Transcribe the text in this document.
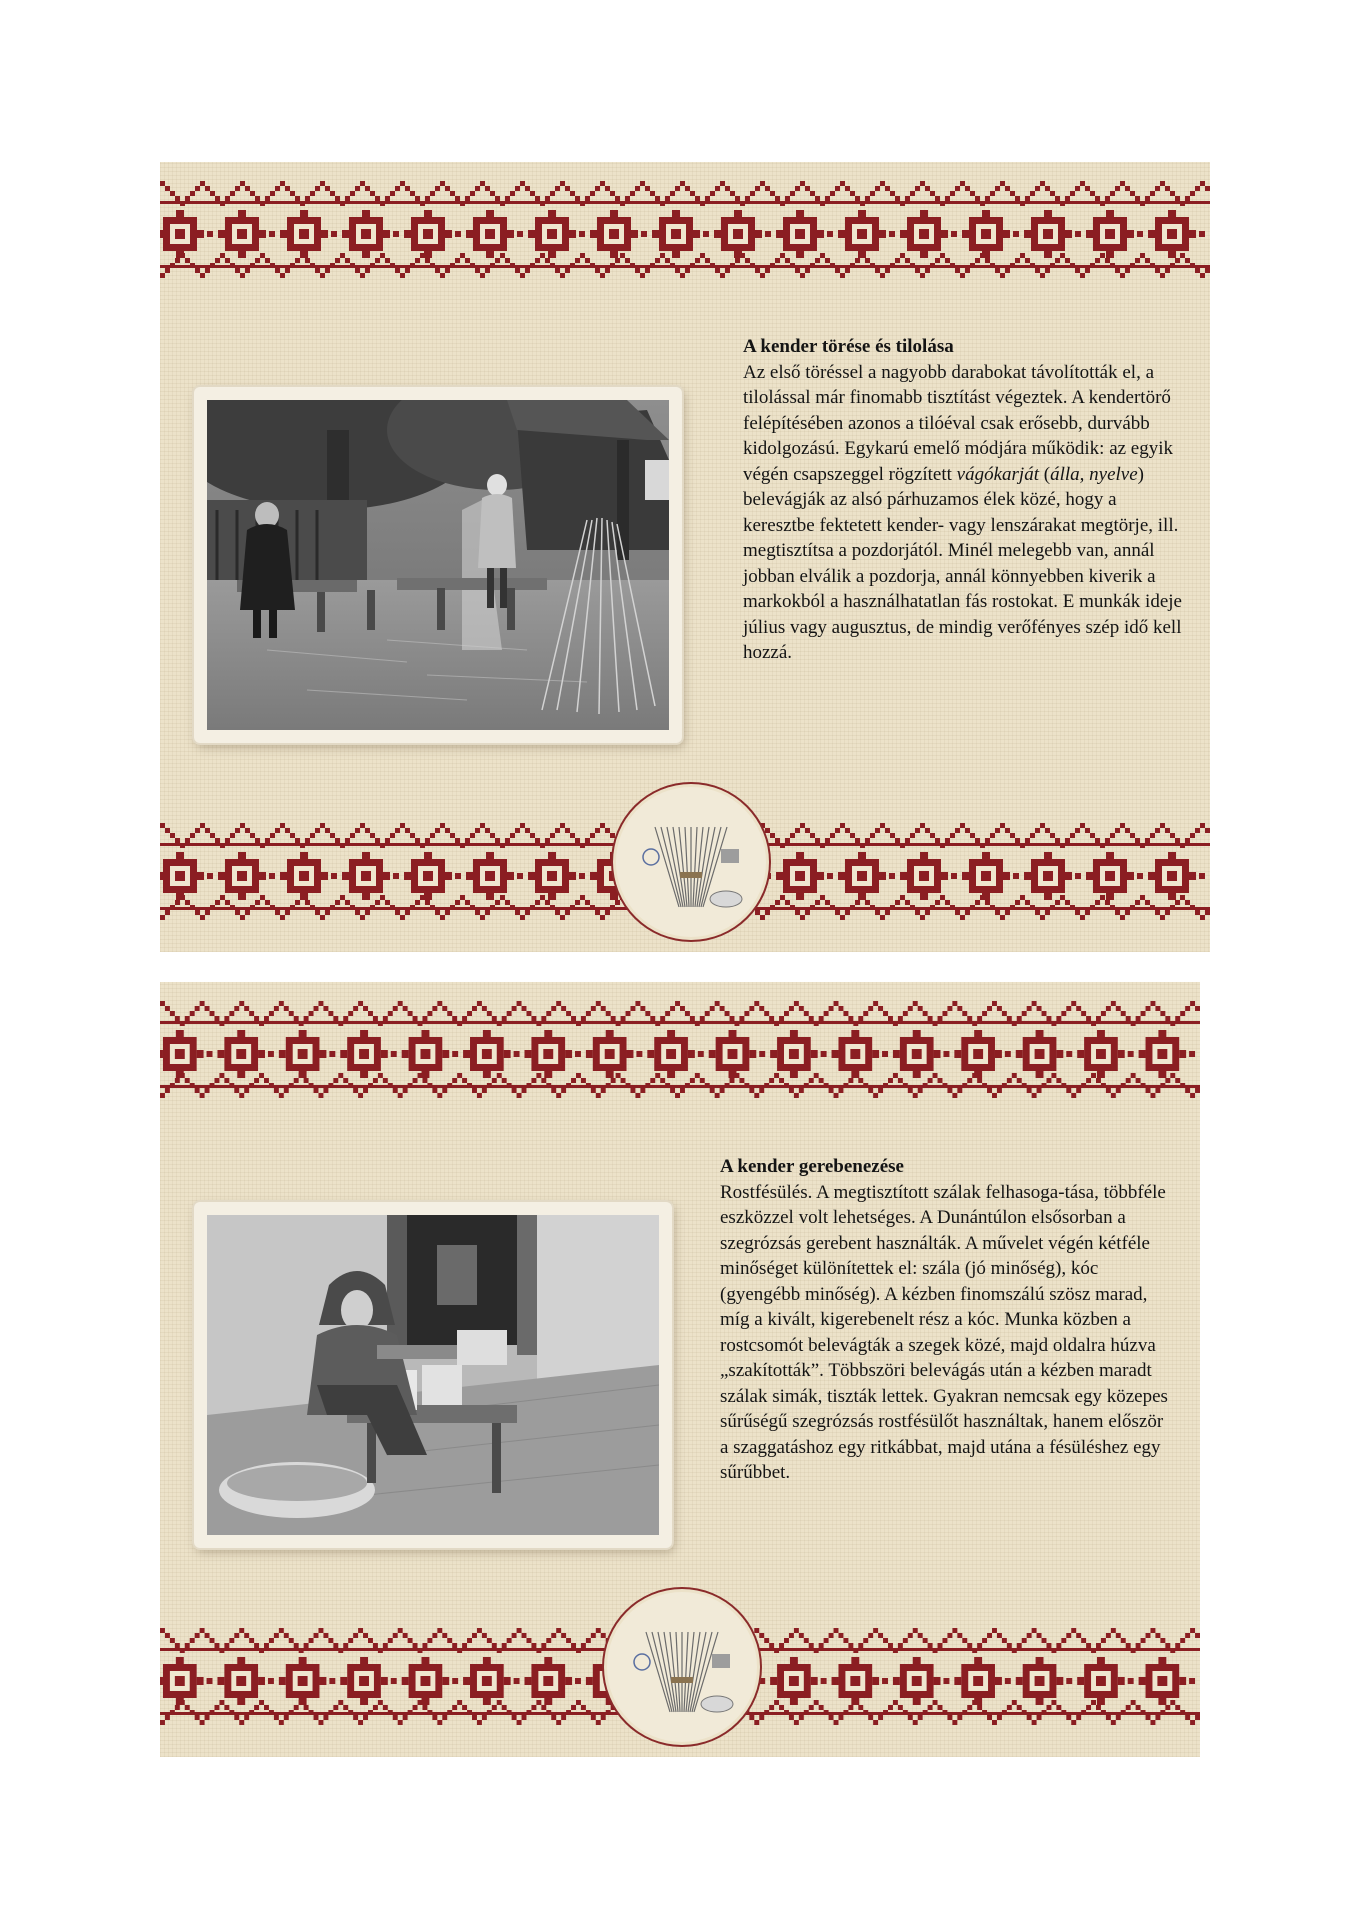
A kender törése és tilolása

Az első töréssel a nagyobb darabokat távolították el, a tilolással már finomabb tisztítást végeztek. A kendertörő felépítésében azonos a tilóéval csak erősebb, durvább kidolgozású. Egykarú emelő módjára működik: az egyik végén csapszeggel rögzített vágókarját (álla, nyelve) belevágják az alsó párhuzamos élek közé, hogy a keresztbe fektetett kender- vagy lenszárakat megtörje, ill. megtisztítsa a pozdorjától. Minél melegebb van, annál jobban elválik a pozdorja, annál könnyebben kiverik a markokból a használhatatlan fás rostokat. E munkák ideje július vagy augusztus, de mindig verőfényes szép idő kell hozzá.

A kender gerebenezése

Rostfésülés. A megtisztított szálak felhasoga-tása, többféle eszközzel volt lehetséges. A Dunántúlon elsősorban a szegrózsás gerebent használták. A művelet végén kétféle minőséget különítettek el: szála (jó minőség), kóc (gyengébb minőség). A kézben finomszálú szösz marad, míg a kivált, kigerebenelt rész a kóc. Munka közben a rostcsomót belevágták a szegek közé, majd oldalra húzva „szakították”. Többszöri belevágás után a kézben maradt szálak simák, tiszták lettek. Gyakran nemcsak egy közepes sűrűségű szegrózsás rostfésülőt használtak, hanem először a szaggatáshoz egy ritkábbat, majd utána a fésüléshez egy sűrűbbet.
